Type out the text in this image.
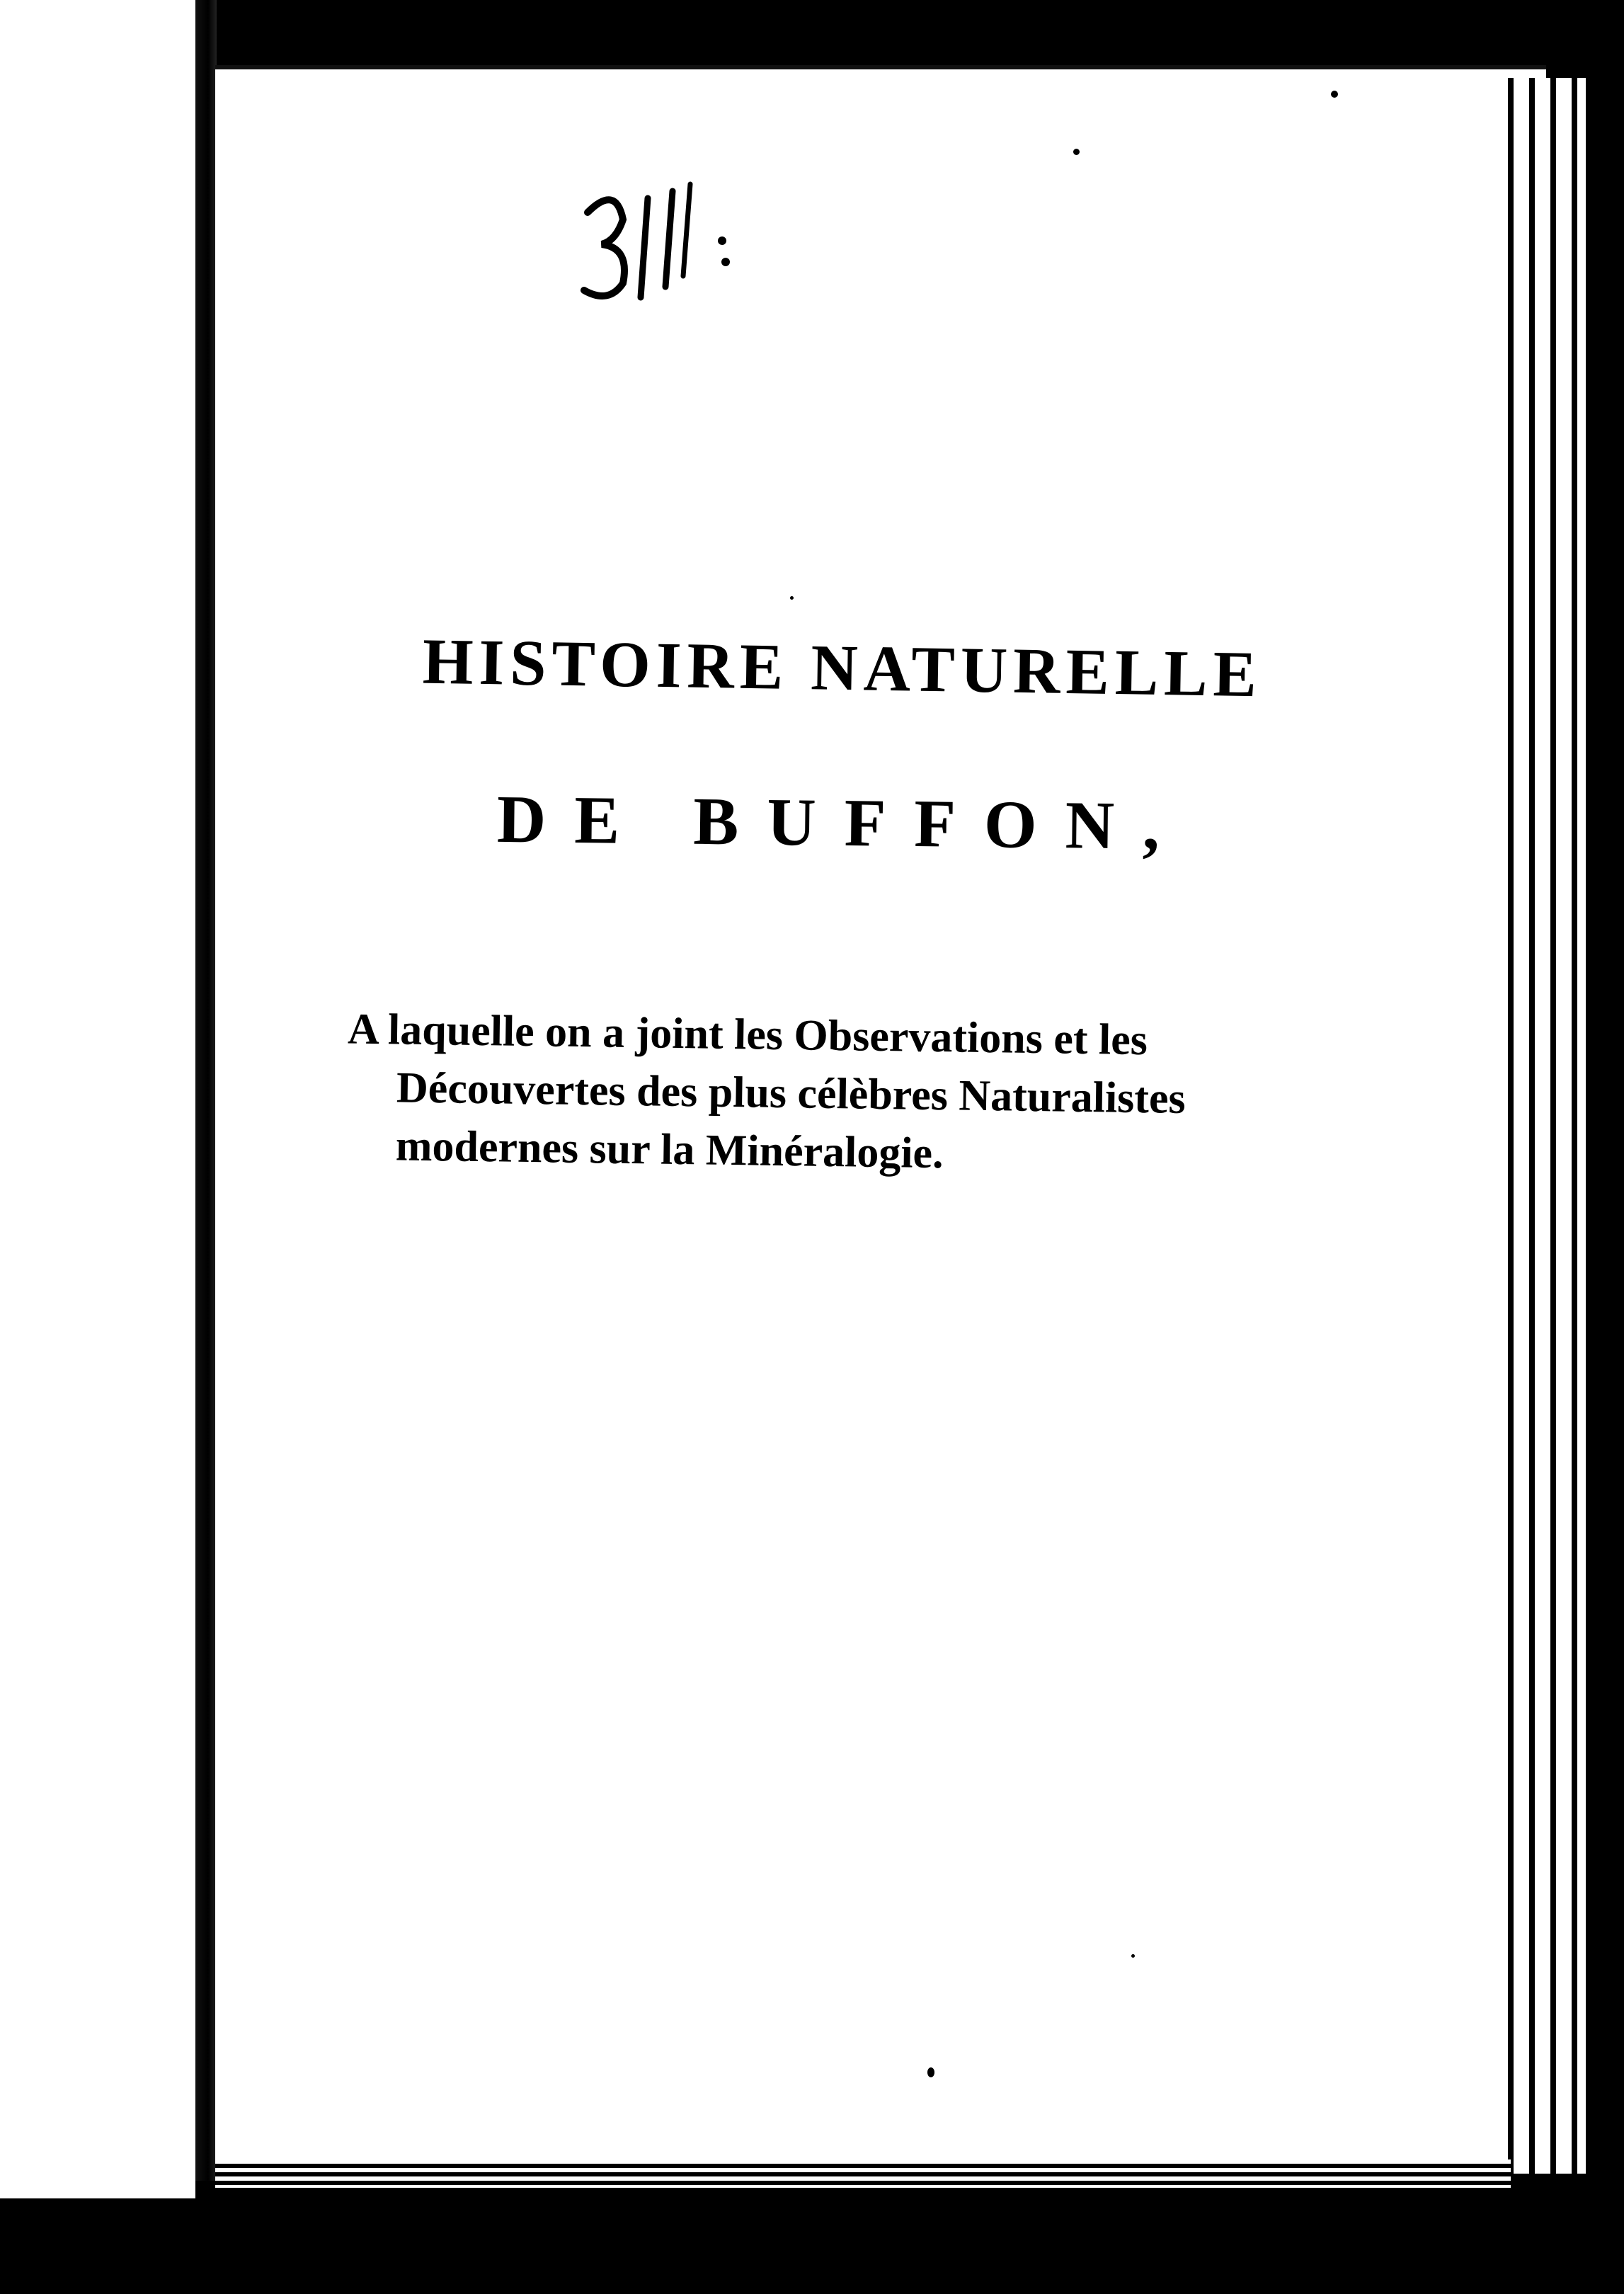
HISTOIRE NATURELLE

DE BUFFON,

A laquelle on a joint les Observations et les Découvertes des plus célèbres Naturalistes modernes sur la Minéralogie.
